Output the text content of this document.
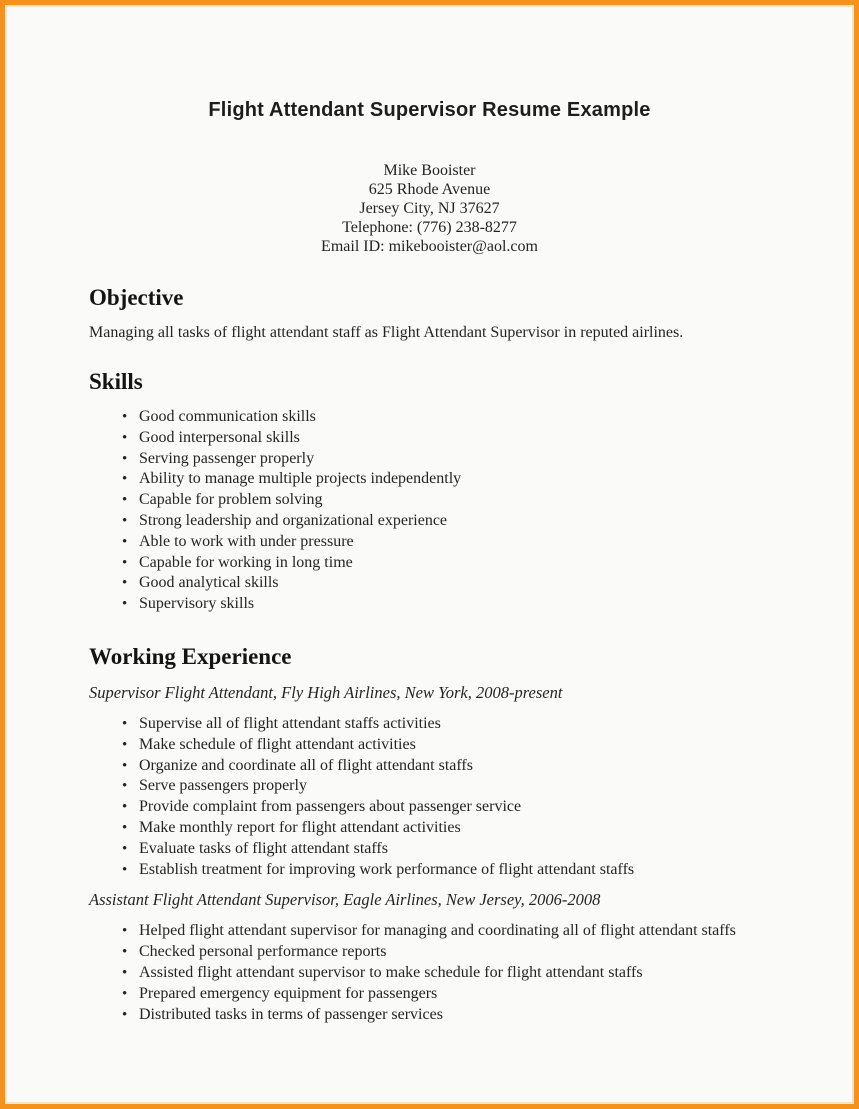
Flight Attendant Supervisor Resume Example
Mike Booister
625 Rhode Avenue
Jersey City, NJ 37627
Telephone: (776) 238-8277
Email ID: mikebooister@aol.com
Objective

Managing all tasks of flight attendant staff as Flight Attendant Supervisor in reputed airlines.

Skills
• Good communication skills
• Good interpersonal skills
• Serving passenger properly
• Ability to manage multiple projects independently
• Capable for problem solving
• Strong leadership and organizational experience
• Able to work with under pressure
• Capable for working in long time
• Good analytical skills
• Supervisory skills
Working Experience

Supervisor Flight Attendant, Fly High Airlines, New York, 2008-present

• Supervise all of flight attendant staffs activities
• Make schedule of flight attendant activities
• Organize and coordinate all of flight attendant staffs
• Serve passengers properly
• Provide complaint from passengers about passenger service
• Make monthly report for flight attendant activities
• Evaluate tasks of flight attendant staffs
• Establish treatment for improving work performance of flight attendant staffs

Assistant Flight Attendant Supervisor, Eagle Airlines, New Jersey, 2006-2008

• Helped flight attendant supervisor for managing and coordinating all of flight attendant staffs
• Checked personal performance reports
• Assisted flight attendant supervisor to make schedule for flight attendant staffs
• Prepared emergency equipment for passengers
• Distributed tasks in terms of passenger services
